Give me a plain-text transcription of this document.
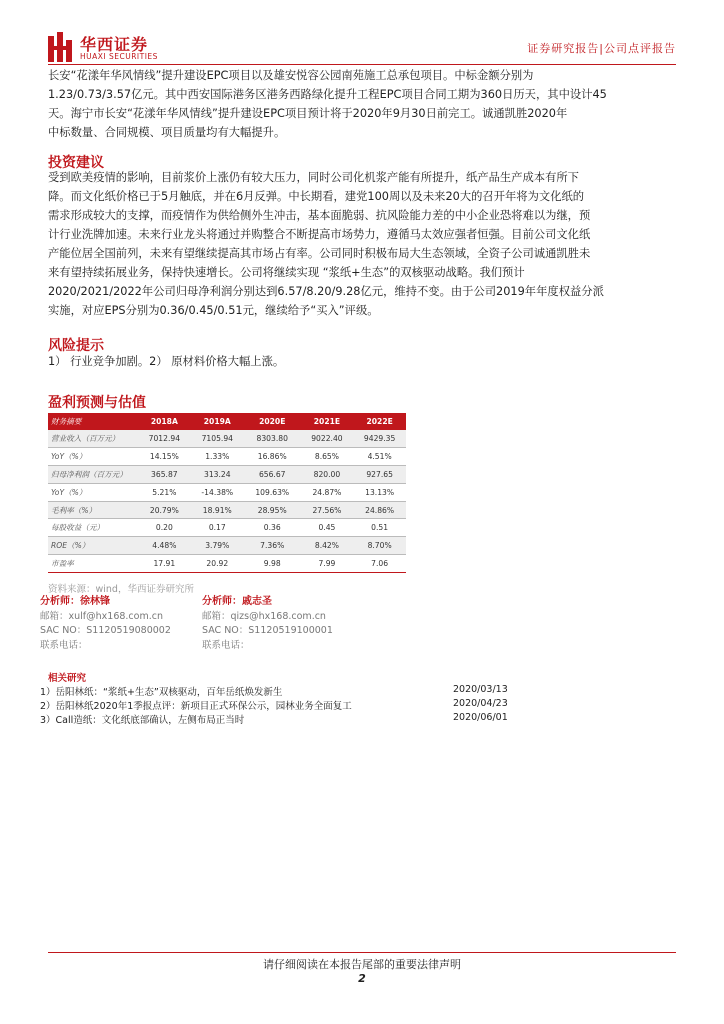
华西证券
HUAXI SECURITIES
证券研究报告|公司点评报告
长安“花漾年华风情线”提升建设EPC项目以及雄安悦容公园南苑施工总承包项目。中标金额分别为
1.23/0.73/3.57亿元。其中西安国际港务区港务西路绿化提升工程EPC项目合同工期为360日历天，其中设计45
天。海宁市长安“花漾年华风情线”提升建设EPC项目预计将于2020年9月30日前完工。诚通凯胜2020年
中标数量、合同规模、项目质量均有大幅提升。
投资建议
受到欧美疫情的影响，目前浆价上涨仍有较大压力，同时公司化机浆产能有所提升，纸产品生产成本有所下
降。而文化纸价格已于5月触底，并在6月反弹。中长期看，建党100周以及未来20大的召开年将为文化纸的
需求形成较大的支撑，而疫情作为供给侧外生冲击，基本面脆弱、抗风险能力差的中小企业恐将难以为继，预
计行业洗牌加速。未来行业龙头将通过并购整合不断提高市场势力，遵循马太效应强者恒强。目前公司文化纸
产能位居全国前列，未来有望继续提高其市场占有率。公司同时积极布局大生态领域，全资子公司诚通凯胜未
来有望持续拓展业务，保持快速增长。公司将继续实现 “浆纸+生态”的双核驱动战略。我们预计
2020/2021/2022年公司归母净利润分别达到6.57/8.20/9.28亿元，维持不变。由于公司2019年年度权益分派
实施，对应EPS分别为0.36/0.45/0.51元，继续给予“买入”评级。
风险提示
1） 行业竞争加剧。2） 原材料价格大幅上涨。
盈利预测与估值
财务摘要	2018A	2019A	2020E	2021E	2022E
营业收入（百万元）	7012.94	7105.94	8303.80	9022.40	9429.35
YoY（%）	14.15%	1.33%	16.86%	8.65%	4.51%
归母净利润（百万元）	365.87	313.24	656.67	820.00	927.65
YoY（%）	5.21%	-14.38%	109.63%	24.87%	13.13%
毛利率（%）	20.79%	18.91%	28.95%	27.56%	24.86%
每股收益（元）	0.20	0.17	0.36	0.45	0.51
ROE（%）	4.48%	3.79%	7.36%	8.42%	8.70%
市盈率	17.91	20.92	9.98	7.99	7.06
资料来源：wind，华西证券研究所
分析师：徐林锋
邮箱：xulf@hx168.com.cn
SAC NO：S1120519080002
联系电话：
分析师：戚志圣
邮箱：qizs@hx168.com.cn
SAC NO：S1120519100001
联系电话：
相关研究
1）岳阳林纸：“浆纸+生态”双核驱动，百年岳纸焕发新生	2020/03/13
2）岳阳林纸2020年1季报点评：新项目正式环保公示，园林业务全面复工	2020/04/23
3）Call造纸：文化纸底部确认，左侧布局正当时	2020/06/01
请仔细阅读在本报告尾部的重要法律声明
2
